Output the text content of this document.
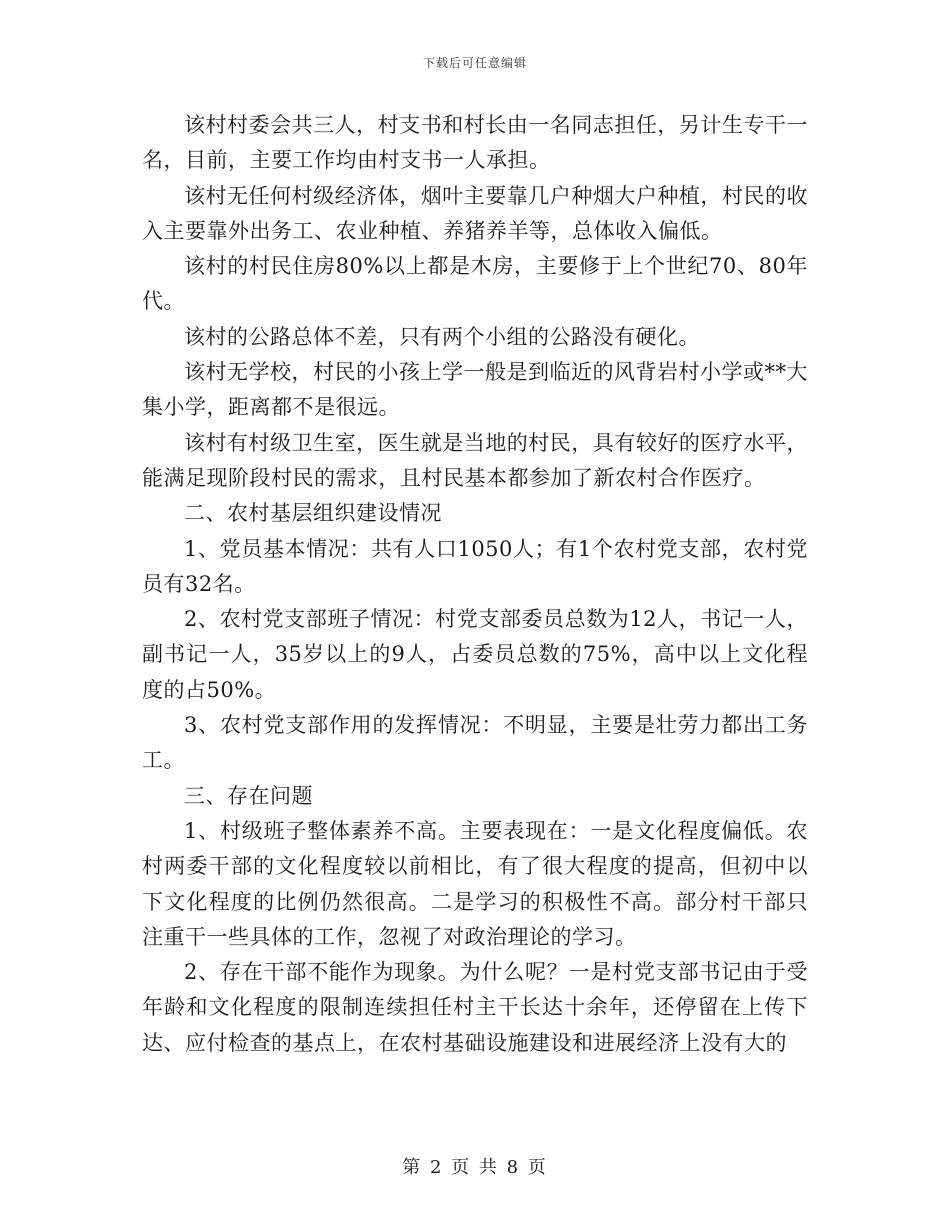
下载后可任意编辑

该村村委会共三人，村支书和村长由一名同志担任，另计生专干一名，目前，主要工作均由村支书一人承担。

该村无任何村级经济体，烟叶主要靠几户种烟大户种植，村民的收入主要靠外出务工、农业种植、养猪养羊等，总体收入偏低。

该村的村民住房80%以上都是木房，主要修于上个世纪70、80年代。

该村的公路总体不差，只有两个小组的公路没有硬化。

该村无学校，村民的小孩上学一般是到临近的风背岩村小学或**大集小学，距离都不是很远。

该村有村级卫生室，医生就是当地的村民，具有较好的医疗水平，能满足现阶段村民的需求，且村民基本都参加了新农村合作医疗。

二、农村基层组织建设情况

1、党员基本情况：共有人口1050人；有1个农村党支部，农村党员有32名。

2、农村党支部班子情况：村党支部委员总数为12人，书记一人，副书记一人，35岁以上的9人，占委员总数的75%，高中以上文化程度的占50%。

3、农村党支部作用的发挥情况：不明显，主要是壮劳力都出工务工。

三、存在问题

1、村级班子整体素养不高。主要表现在：一是文化程度偏低。农村两委干部的文化程度较以前相比，有了很大程度的提高，但初中以下文化程度的比例仍然很高。二是学习的积极性不高。部分村干部只注重干一些具体的工作，忽视了对政治理论的学习。

2、存在干部不能作为现象。为什么呢？一是村党支部书记由于受年龄和文化程度的限制连续担任村主干长达十余年，还停留在上传下达、应付检查的基点上，在农村基础设施建设和进展经济上没有大的

第 2 页 共 8 页
